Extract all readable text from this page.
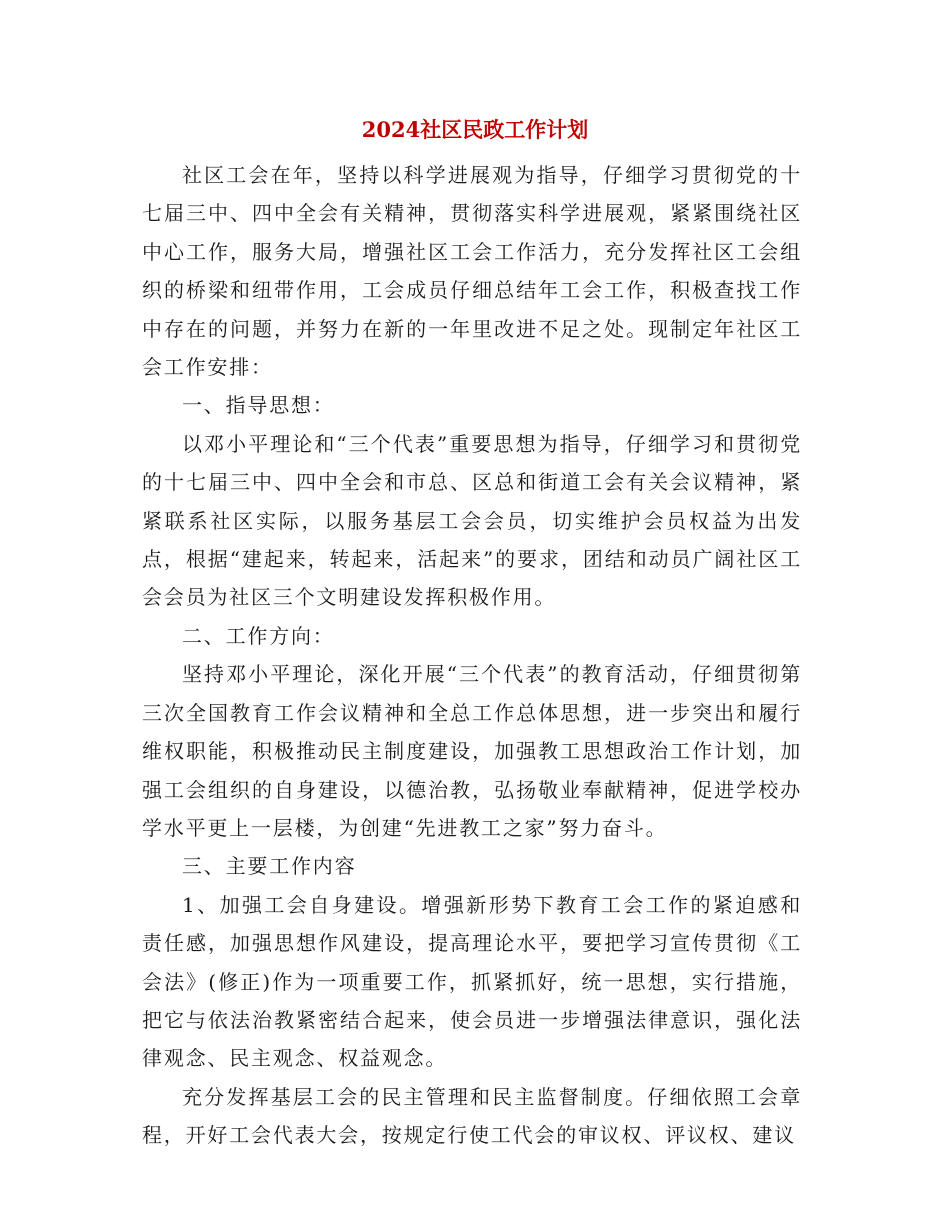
2024社区民政工作计划

社区工会在年，坚持以科学进展观为指导，仔细学习贯彻党的十七届三中、四中全会有关精神，贯彻落实科学进展观，紧紧围绕社区中心工作，服务大局，增强社区工会工作活力，充分发挥社区工会组织的桥梁和纽带作用，工会成员仔细总结年工会工作，积极查找工作中存在的问题，并努力在新的一年里改进不足之处。现制定年社区工会工作安排：

一、指导思想：

以邓小平理论和“三个代表”重要思想为指导，仔细学习和贯彻党的十七届三中、四中全会和市总、区总和街道工会有关会议精神，紧紧联系社区实际，以服务基层工会会员，切实维护会员权益为出发点，根据“建起来，转起来，活起来”的要求，团结和动员广阔社区工会会员为社区三个文明建设发挥积极作用。

二、工作方向：

坚持邓小平理论，深化开展“三个代表”的教育活动，仔细贯彻第三次全国教育工作会议精神和全总工作总体思想，进一步突出和履行维权职能，积极推动民主制度建设，加强教工思想政治工作计划，加强工会组织的自身建设，以德治教，弘扬敬业奉献精神，促进学校办学水平更上一层楼，为创建“先进教工之家”努力奋斗。

三、主要工作内容

1、加强工会自身建设。增强新形势下教育工会工作的紧迫感和责任感，加强思想作风建设，提高理论水平，要把学习宣传贯彻《工会法》(修正)作为一项重要工作，抓紧抓好，统一思想，实行措施，把它与依法治教紧密结合起来，使会员进一步增强法律意识，强化法律观念、民主观念、权益观念。

充分发挥基层工会的民主管理和民主监督制度。仔细依照工会章程，开好工会代表大会，按规定行使工代会的审议权、评议权、建议
